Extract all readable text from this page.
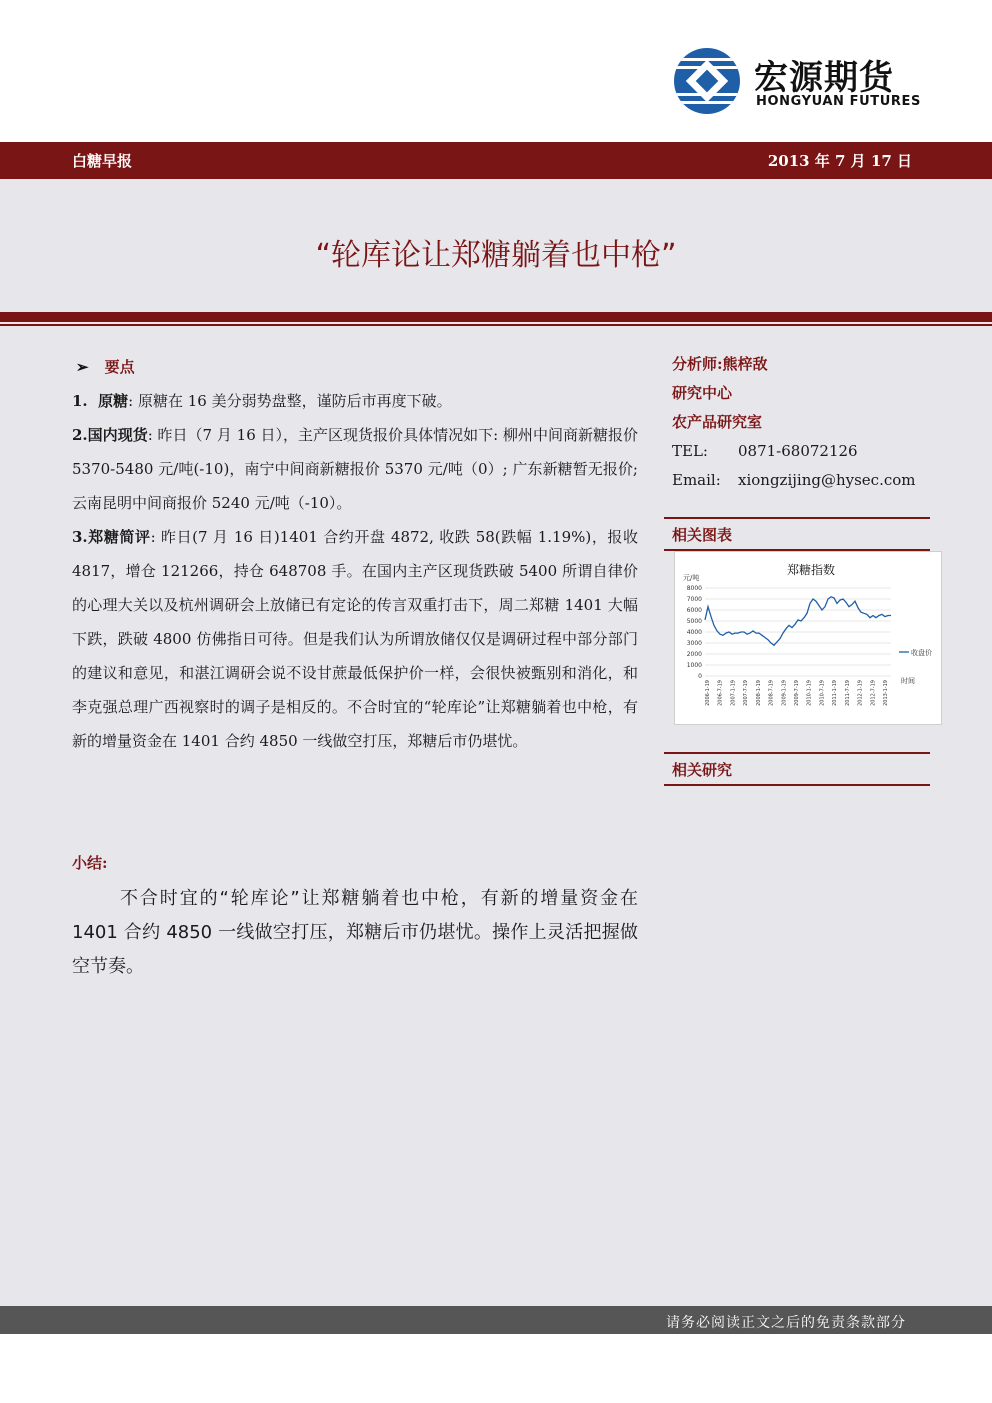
宏源期货
HONGYUAN FUTURES
白糖早报	2013 年 7 月 17 日
“轮库论让郑糖躺着也中枪”
➢ 要点

1.  原糖: 原糖在 16 美分弱势盘整，谨防后市再度下破。

2.国内现货: 昨日（7 月 16 日），主产区现货报价具体情况如下: 柳州中间商新糖报价 5370-5480 元/吨(-10)，南宁中间商新糖报价 5370 元/吨（0）; 广东新糖暂无报价; 云南昆明中间商报价 5240 元/吨（-10）。

3.郑糖简评: 昨日(7 月 16 日)1401 合约开盘 4872, 收跌 58(跌幅 1.19%)，报收 4817，增仓 121266，持仓 648708 手。在国内主产区现货跌破 5400 所谓自律价的心理大关以及杭州调研会上放储已有定论的传言双重打击下，周二郑糖 1401 大幅下跌，跌破 4800 仿佛指日可待。但是我们认为所谓放储仅仅是调研过程中部分部门的建议和意见，和湛江调研会说不设甘蔗最低保护价一样，会很快被甄别和消化，和李克强总理广西视察时的调子是相反的。不合时宜的“轮库论”让郑糖躺着也中枪，有新的增量资金在 1401 合约 4850 一线做空打压，郑糖后市仍堪忧。

小结:

不合时宜的“轮库论”让郑糖躺着也中枪，有新的增量资金在 1401 合约 4850 一线做空打压，郑糖后市仍堪忧。操作上灵活把握做空节奏。

分析师:熊梓敌
研究中心
农产品研究室
TEL:	0871-68072126
Email:	xiongzijing@hysec.com
相关图表
0
1000
2000
3000
4000
5000
6000
7000
8000
2006-1-19 2006-7-19 2007-1-19 2007-7-19 2008-1-19 2008-7-19 2009-1-19 2009-7-19 2010-1-19 2010-7-19 2011-1-19 2011-7-19 2012-1-19 2012-7-19 2013-1-19
郑糖指数
元/吨
收盘价
时间
相关研究
请务必阅读正文之后的免责条款部分
